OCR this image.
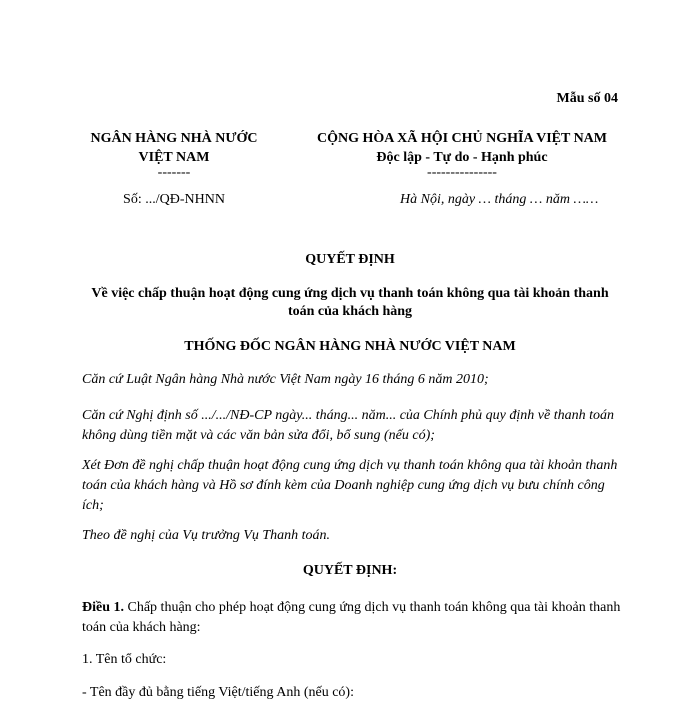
Mẫu số 04
NGÂN HÀNG NHÀ NƯỚC
VIỆT NAM
-------
CỘNG HÒA XÃ HỘI CHỦ NGHĨA VIỆT NAM
Độc lập - Tự do - Hạnh phúc
---------------
Số: .../QĐ-NHNN	Hà Nội, ngày … tháng … năm ……
QUYẾT ĐỊNH
Về việc chấp thuận hoạt động cung ứng dịch vụ thanh toán không qua tài khoản thanh toán của khách hàng
THỐNG ĐỐC NGÂN HÀNG NHÀ NƯỚC VIỆT NAM
Căn cứ Luật Ngân hàng Nhà nước Việt Nam ngày 16 tháng 6 năm 2010;
Căn cứ Nghị định số .../.../NĐ-CP ngày... tháng... năm... của Chính phủ quy định về thanh toán không dùng tiền mặt và các văn bản sửa đổi, bổ sung (nếu có);
Xét Đơn đề nghị chấp thuận hoạt động cung ứng dịch vụ thanh toán không qua tài khoản thanh toán của khách hàng và Hồ sơ đính kèm của Doanh nghiệp cung ứng dịch vụ bưu chính công ích;
Theo đề nghị của Vụ trưởng Vụ Thanh toán.
QUYẾT ĐỊNH:
Điều 1. Chấp thuận cho phép hoạt động cung ứng dịch vụ thanh toán không qua tài khoản thanh toán của khách hàng:
1. Tên tổ chức:
- Tên đầy đủ bằng tiếng Việt/tiếng Anh (nếu có):
